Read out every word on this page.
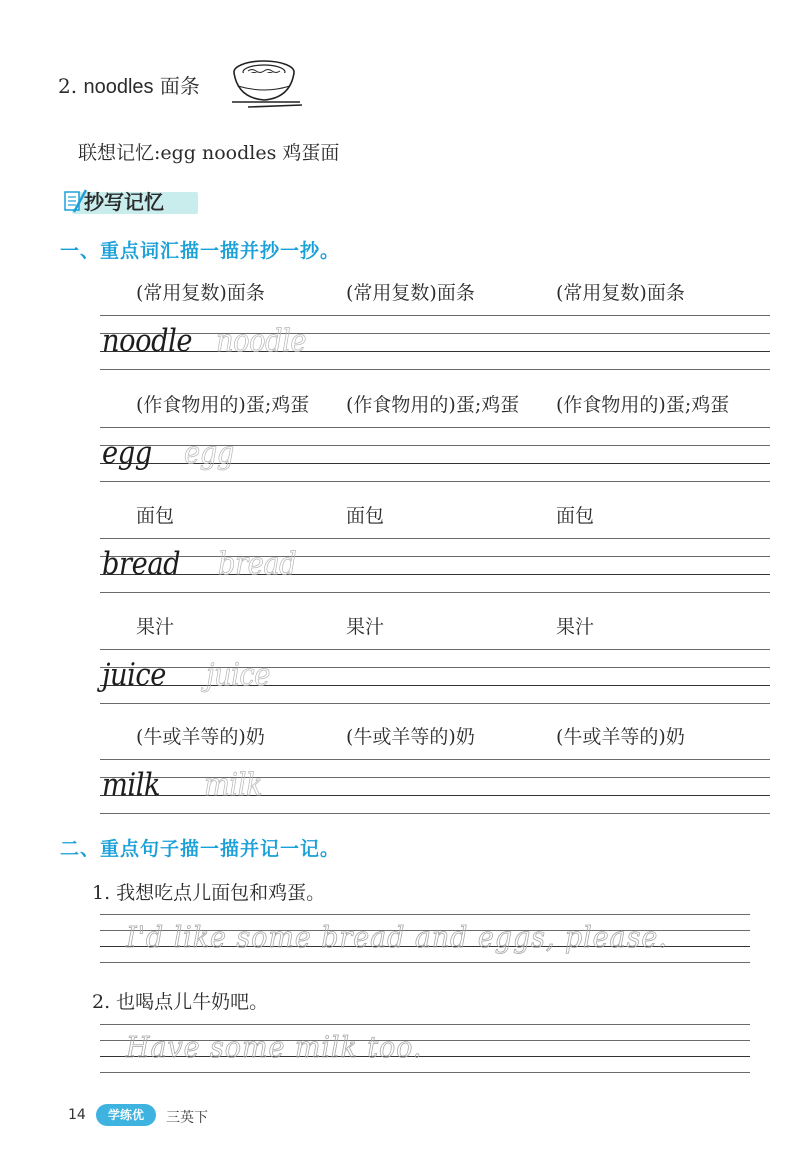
2. noodles 面条
联想记忆:egg noodles 鸡蛋面
抄写记忆
一、重点词汇描一描并抄一抄。
(常用复数)面条	(常用复数)面条	(常用复数)面条
noodle noodle
(作食物用的)蛋;鸡蛋 (作食物用的)蛋;鸡蛋 (作食物用的)蛋;鸡蛋
egg egg
面包	面包	面包
bread bread
果汁	果汁	果汁
juice juice
(牛或羊等的)奶	(牛或羊等的)奶	(牛或羊等的)奶
milk milk
二、重点句子描一描并记一记。
1. 我想吃点儿面包和鸡蛋。
I'd like some bread and eggs, please.
2. 也喝点儿牛奶吧。
Have some milk too.
14	学练优	三英下
